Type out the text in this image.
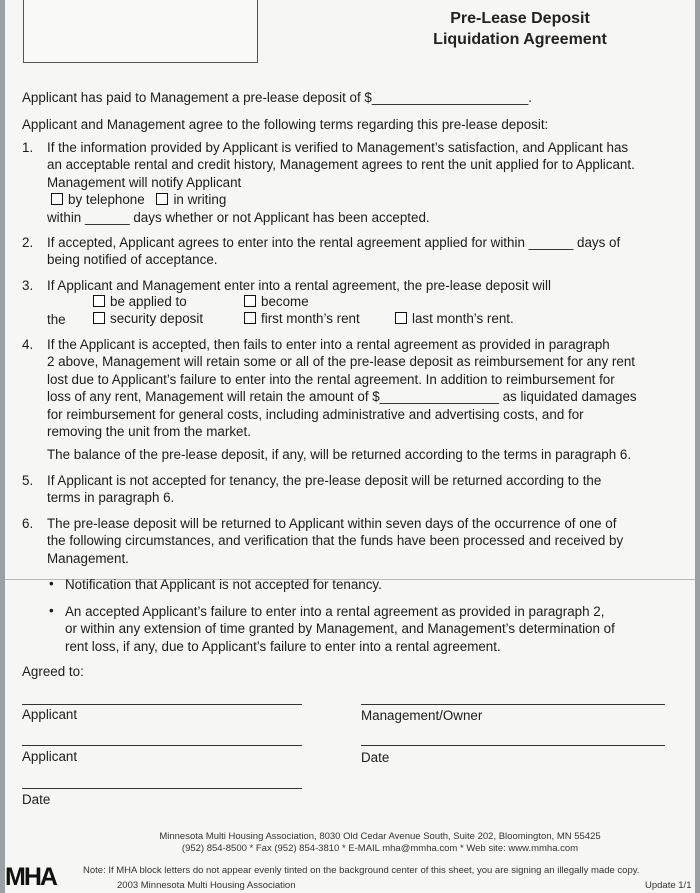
Pre-Lease Deposit
Liquidation Agreement
Applicant has paid to Management a pre-lease deposit of $_____________________.
Applicant and Management agree to the following terms regarding this pre-lease deposit:
1. If the information provided by Applicant is verified to Management’s satisfaction, and Applicant has
an acceptable rental and credit history, Management agrees to rent the unit applied for to Applicant.
Management will notify Applicant
by telephone in writing
within ______ days whether or not Applicant has been accepted.
2. If accepted, Applicant agrees to enter into the rental agreement applied for within ______ days of
being notified of acceptance.
3. If Applicant and Management enter into a rental agreement, the pre-lease deposit will
be applied to	become
the	security deposit	first month’s rent	last month’s rent.
4. If the Applicant is accepted, then fails to enter into a rental agreement as provided in paragraph
2 above, Management will retain some or all of the pre-lease deposit as reimbursement for any rent
lost due to Applicant’s failure to enter into the rental agreement. In addition to reimbursement for
loss of any rent, Management will retain the amount of $________________ as liquidated damages
for reimbursement for general costs, including administrative and advertising costs, and for
removing the unit from the market.
The balance of the pre-lease deposit, if any, will be returned according to the terms in paragraph 6.
5. If Applicant is not accepted for tenancy, the pre-lease deposit will be returned according to the
terms in paragraph 6.
6. The pre-lease deposit will be returned to Applicant within seven days of the occurrence of one of
the following circumstances, and verification that the funds have been processed and received by
Management.
• Notification that Applicant is not accepted for tenancy.
• An accepted Applicant’s failure to enter into a rental agreement as provided in paragraph 2,
or within any extension of time granted by Management, and Management’s determination of
rent loss, if any, due to Applicant’s failure to enter into a rental agreement.
Agreed to:
Applicant	Management/Owner
Applicant	Date
Date
Minnesota Multi Housing Association, 8030 Old Cedar Avenue South, Suite 202, Bloomington, MN 55425
(952) 854-8500 * Fax (952) 854-3810 * E-MAIL mha@mmha.com * Web site: www.mmha.com
MHA	Note: If MHA block letters do not appear evenly tinted on the background center of this sheet, you are signing an illegally made copy.
2003 Minnesota Multi Housing Association	Update 1/1
